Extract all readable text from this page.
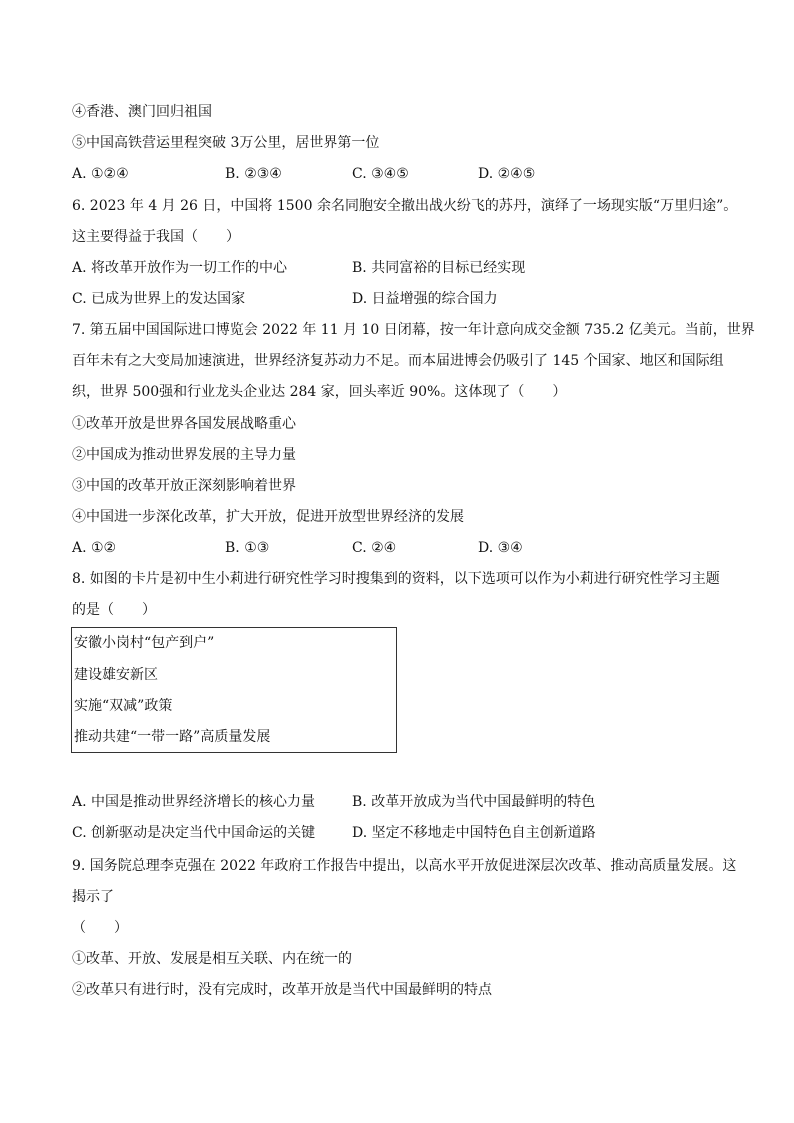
④香港、澳门回归祖国
⑤中国高铁营运里程突破 3万公里，居世界第一位
A. ①②④	B. ②③④	C. ③④⑤	D. ②④⑤
6. 2023 年 4 月 26 日，中国将 1500 余名同胞安全撤出战火纷飞的苏丹，演绎了一场现实版“万里归途”。
这主要得益于我国（　　）
A. 将改革开放作为一切工作的中心	B. 共同富裕的目标已经实现
C. 已成为世界上的发达国家	D. 日益增强的综合国力
7. 第五届中国国际进口博览会 2022 年 11 月 10 日闭幕，按一年计意向成交金额 735.2 亿美元。当前，世界
百年未有之大变局加速演进，世界经济复苏动力不足。而本届进博会仍吸引了 145 个国家、地区和国际组
织，世界 500强和行业龙头企业达 284 家，回头率近 90%。这体现了（　　）
①改革开放是世界各国发展战略重心
②中国成为推动世界发展的主导力量
③中国的改革开放正深刻影响着世界
④中国进一步深化改革，扩大开放，促进开放型世界经济的发展
A. ①②	B. ①③	C. ②④	D. ③④
8. 如图的卡片是初中生小莉进行研究性学习时搜集到的资料，以下选项可以作为小莉进行研究性学习主题
的是（　　）
安徽小岗村“包产到户”
建设雄安新区
实施“双减”政策
推动共建“一带一路”高质量发展
A. 中国是推动世界经济增长的核心力量	B. 改革开放成为当代中国最鲜明的特色
C. 创新驱动是决定当代中国命运的关键	D. 坚定不移地走中国特色自主创新道路
9. 国务院总理李克强在 2022 年政府工作报告中提出，以高水平开放促进深层次改革、推动高质量发展。这
揭示了
（　　）
①改革、开放、发展是相互关联、内在统一的
②改革只有进行时，没有完成时，改革开放是当代中国最鲜明的特点
